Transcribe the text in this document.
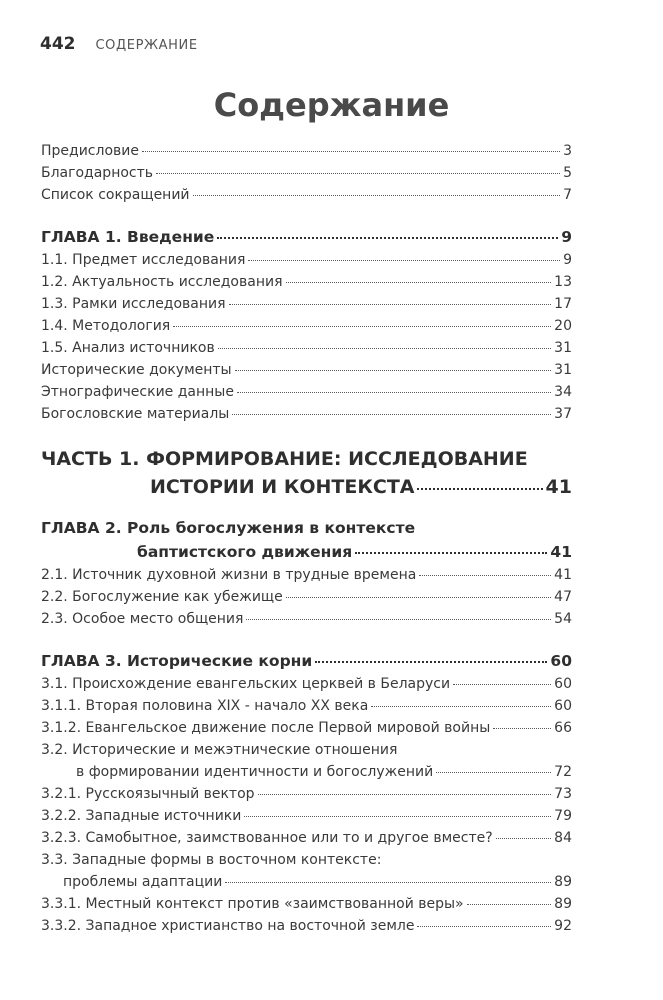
442 СОДЕРЖАНИЕ
Содержание
Предисловие	3
Благодарность	5
Список сокращений	7
ГЛАВА 1. Введение	9
1.1. Предмет исследования	9
1.2. Актуальность исследования	13
1.3. Рамки исследования	17
1.4. Методология	20
1.5. Анализ источников	31
Исторические документы	31
Этнографические данные	34
Богословские материалы	37
ЧАСТЬ 1. ФОРМИРОВАНИЕ: ИССЛЕДОВАНИЕ
ИСТОРИИ И КОНТЕКСТА	41
ГЛАВА 2. Роль богослужения в контексте
баптистского движения	41
2.1. Источник духовной жизни в трудные времена	41
2.2. Богослужение как убежище	47
2.3. Особое место общения	54
ГЛАВА 3. Исторические корни	60
3.1. Происхождение евангельских церквей в Беларуси	60
3.1.1. Вторая половина XIX - начало XX века	60
3.1.2. Евангельское движение после Первой мировой войны	66
3.2. Исторические и межэтнические отношения
в формировании идентичности и богослужений	72
3.2.1. Русскоязычный вектор	73
3.2.2. Западные источники	79
3.2.3. Самобытное, заимствованное или то и другое вместе?	84
3.3. Западные формы в восточном контексте:
проблемы адаптации	89
3.3.1. Местный контекст против «заимствованной веры»	89
3.3.2. Западное христианство на восточной земле	92
